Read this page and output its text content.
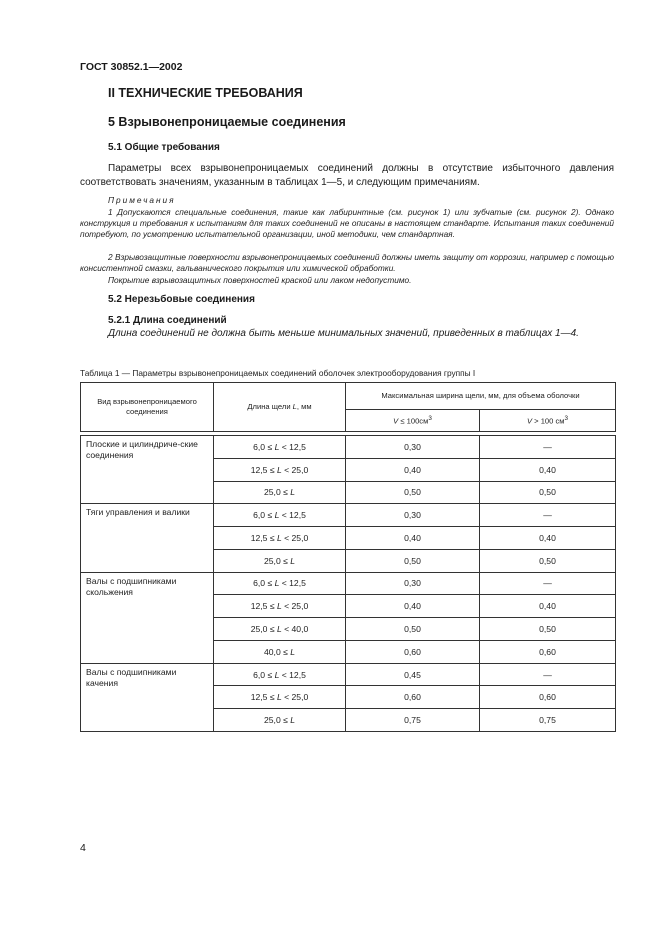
ГОСТ 30852.1—2002
II ТЕХНИЧЕСКИЕ ТРЕБОВАНИЯ
5 Взрывонепроницаемые соединения
5.1 Общие требования
Параметры всех взрывонепроницаемых соединений должны в отсутствие избыточного давления соответствовать значениям, указанным в таблицах 1—5, и следующим примечаниям.
Примечания
1 Допускаются специальные соединения, такие как лабиринтные (см. рисунок 1) или зубчатые (см. рисунок 2). Однако конструкция и требования к испытаниям для таких соединений не описаны в настоящем стандарте. Испытания таких соединений потребуют, по усмотрению испытательной организации, иной методики, чем стандартная.
2 Взрывозащитные поверхности взрывонепроницаемых соединений должны иметь защиту от коррозии, например с помощью консистентной смазки, гальванического покрытия или химической обработки.
Покрытие взрывозащитных поверхностей краской или лаком недопустимо.
5.2 Нерезьбовые соединения
5.2.1 Длина соединений
Длина соединений не должна быть меньше минимальных значений, приведенных в таблицах 1—4.
Таблица 1 — Параметры взрывонепроницаемых соединений оболочек электрооборудования группы I
Вид взрывонепроницаемого соединения	Длина щели L, мм	Максимальная ширина щели, мм, для объема оболочки	
		$V \le 100см^3$	V > 100 $см^3$

Плоские и цилиндриче-ские соединения	6,0 ≤ L < 12,5	0,30	—
	12,5 ≤ L < 25,0	0,40	0,40
	25,0 ≤ L	0,50	0,50
Тяги управления и валики	6,0 ≤ L < 12,5	0,30	—
	12,5 ≤ L < 25,0	0,40	0,40
	25,0 ≤ L	0,50	0,50
Валы с подшипниками скольжения	6,0 ≤ L < 12,5	0,30	—
	12,5 ≤ L < 25,0	0,40	0,40
	25,0 ≤ L < 40,0	0,50	0,50
	40,0 ≤ L	0,60	0,60
Валы с подшипниками качения	6,0 ≤ L < 12,5	0,45	—
	12,5 ≤ L < 25,0	0,60	0,60
	25,0 ≤ L	0,75	0,75
4
